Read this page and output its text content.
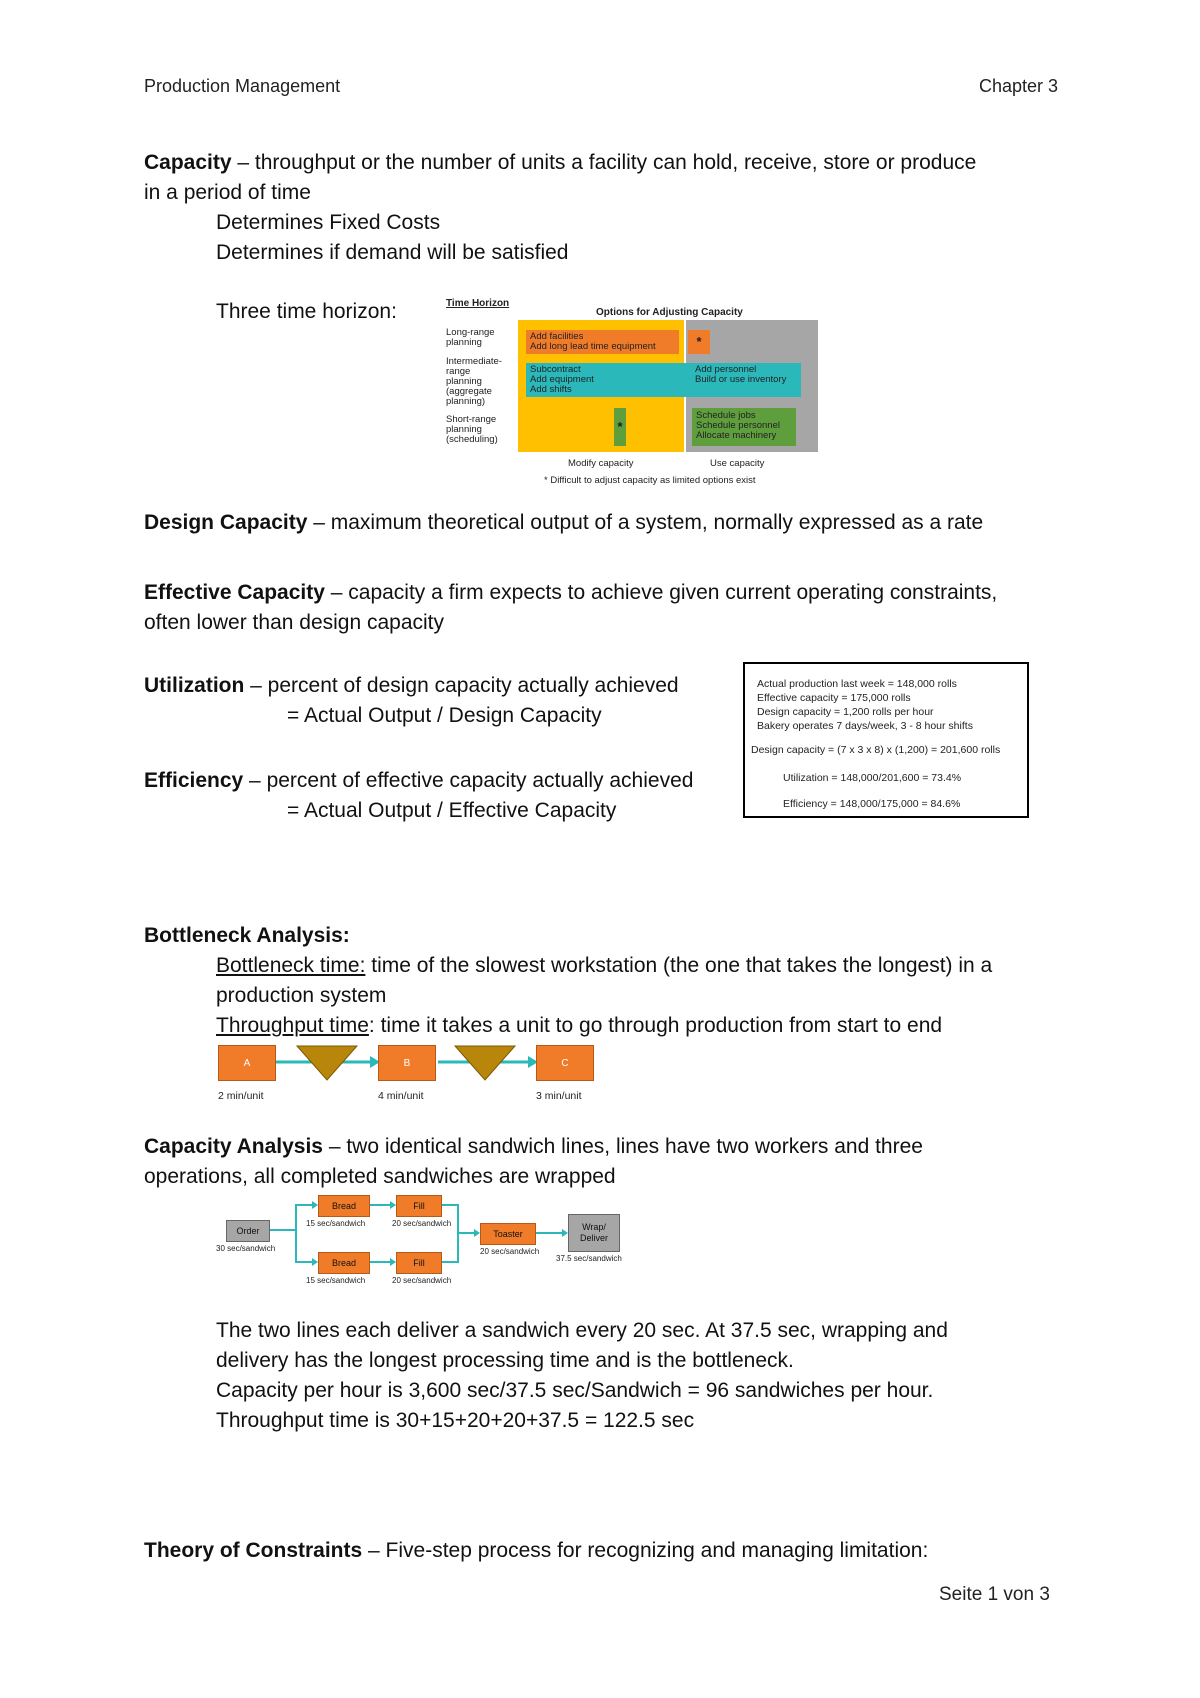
Production Management	Chapter 3
Capacity – throughput or the number of units a facility can hold, receive, store or produce
in a period of time
Determines Fixed Costs
Determines if demand will be satisfied
Three time horizon:	Time Horizon
Options for Adjusting Capacity
Long-range
planning
Intermediate-
range
planning
(aggregate
planning)
Short-range
planning
(scheduling)
Add facilities
Add long lead time equipment	*
Subcontract
Add equipment
Add shifts
Add personnel
Build or use inventory
*
Schedule jobs
Schedule personnel
Allocate machinery
Modify capacity	Use capacity
* Difficult to adjust capacity as limited options exist
Design Capacity – maximum theoretical output of a system, normally expressed as a rate
Effective Capacity – capacity a firm expects to achieve given current operating constraints,
often lower than design capacity
Utilization – percent of design capacity actually achieved
= Actual Output / Design Capacity
Efficiency – percent of effective capacity actually achieved
= Actual Output / Effective Capacity
Actual production last week = 148,000 rolls
Effective capacity = 175,000 rolls
Design capacity = 1,200 rolls per hour
Bakery operates 7 days/week, 3 - 8 hour shifts
Design capacity = (7 x 3 x 8) x (1,200) = 201,600 rolls
Utilization = 148,000/201,600 = 73.4%
Efficiency = 148,000/175,000 = 84.6%
Bottleneck Analysis:
Bottleneck time: time of the slowest workstation (the one that takes the longest) in a
production system
Throughput time: time it takes a unit to go through production from start to end
A	B	C
2 min/unit	4 min/unit	3 min/unit
Capacity Analysis – two identical sandwich lines, lines have two workers and three
operations, all completed sandwiches are wrapped
Order
30 sec/sandwich
Bread
15 sec/sandwich
Fill
20 sec/sandwich
Bread
15 sec/sandwich
Fill
20 sec/sandwich
Toaster
20 sec/sandwich
Wrap/
Deliver
37.5 sec/sandwich
The two lines each deliver a sandwich every 20 sec. At 37.5 sec, wrapping and
delivery has the longest processing time and is the bottleneck.
Capacity per hour is 3,600 sec/37.5 sec/Sandwich = 96 sandwiches per hour.
Throughput time is 30+15+20+20+37.5 = 122.5 sec
Theory of Constraints – Five-step process for recognizing and managing limitation:
Seite 1 von 3
